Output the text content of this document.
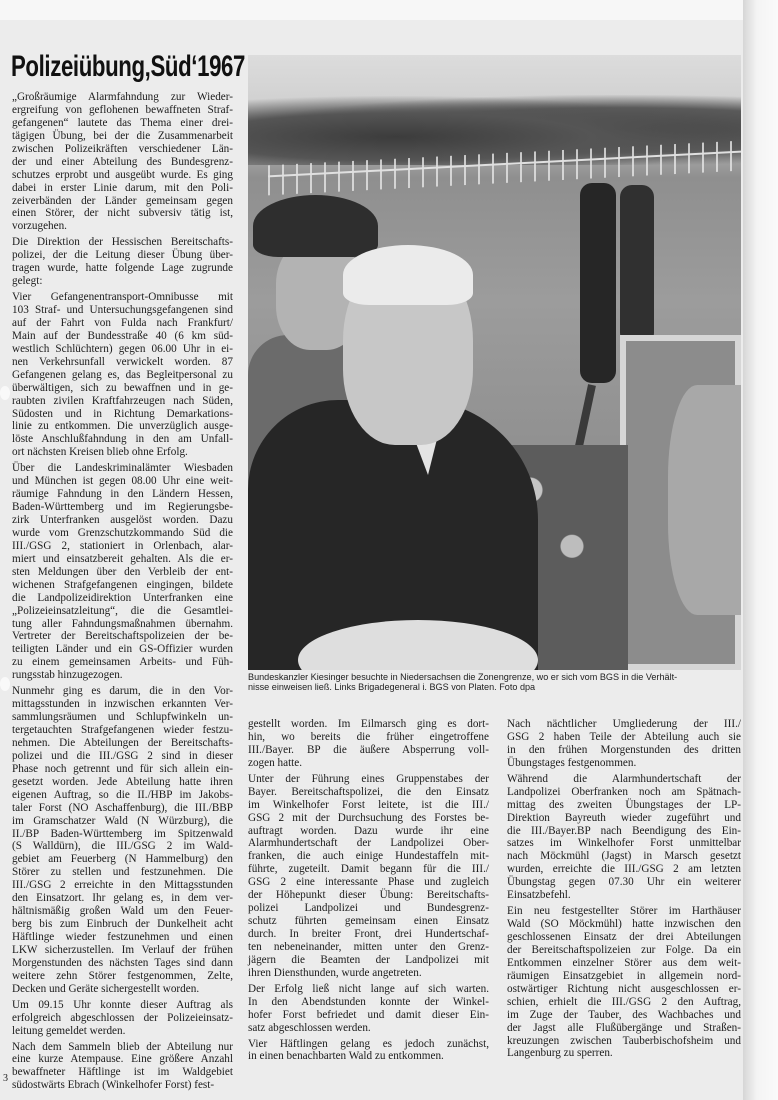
Polizeiübung‚Süd‘1967
„Großräumige Alarmfahndung zur Wieder-
ergreifung von geflohenen bewaffneten Straf-
gefangenen“ lautete das Thema einer drei-
tägigen Übung, bei der die Zusammenarbeit
zwischen Polizeikräften verschiedener Län-
der und einer Abteilung des Bundesgrenz-
schutzes erprobt und ausgeübt wurde. Es ging
dabei in erster Linie darum, mit den Poli-
zeiverbänden der Länder gemeinsam gegen
einen Störer, der nicht subversiv tätig ist,
vorzugehen.
Die Direktion der Hessischen Bereitschafts-
polizei, der die Leitung dieser Übung über-
tragen wurde, hatte folgende Lage zugrunde
gelegt:
Vier Gefangenentransport-Omnibusse mit
103 Straf- und Untersuchungsgefangenen sind
auf der Fahrt von Fulda nach Frankfurt/
Main auf der Bundesstraße 40 (6 km süd-
westlich Schlüchtern) gegen 06.00 Uhr in ei-
nen Verkehrsunfall verwickelt worden. 87
Gefangenen gelang es, das Begleitpersonal zu
überwältigen, sich zu bewaffnen und in ge-
raubten zivilen Kraftfahrzeugen nach Süden,
Südosten und in Richtung Demarkations-
linie zu entkommen. Die unverzüglich ausge-
löste Anschlußfahndung in den am Unfall-
ort nächsten Kreisen blieb ohne Erfolg.
Über die Landeskriminalämter Wiesbaden
und München ist gegen 08.00 Uhr eine weit-
räumige Fahndung in den Ländern Hessen,
Baden-Württemberg und im Regierungsbe-
zirk Unterfranken ausgelöst worden. Dazu
wurde vom Grenzschutzkommando Süd die
III./GSG 2, stationiert in Orlenbach, alar-
miert und einsatzbereit gehalten. Als die er-
sten Meldungen über den Verbleib der ent-
wichenen Strafgefangenen eingingen, bildete
die Landpolizeidirektion Unterfranken eine
„Polizeieinsatzleitung“, die die Gesamtlei-
tung aller Fahndungsmaßnahmen übernahm.
Vertreter der Bereitschaftspolizeien der be-
teiligten Länder und ein GS-Offizier wurden
zu einem gemeinsamen Arbeits- und Füh-
rungsstab hinzugezogen.
Nunmehr ging es darum, die in den Vor-
mittagsstunden in inzwischen erkannten Ver-
sammlungsräumen und Schlupfwinkeln un-
tergetauchten Strafgefangenen wieder festzu-
nehmen. Die Abteilungen der Bereitschafts-
polizei und die III./GSG 2 sind in dieser
Phase noch getrennt und für sich allein ein-
gesetzt worden. Jede Abteilung hatte ihren
eigenen Auftrag, so die II./HBP im Jakobs-
taler Forst (NO Aschaffenburg), die III./BBP
im Gramschatzer Wald (N Würzburg), die
II./BP Baden-Württemberg im Spitzenwald
(S Walldürn), die III./GSG 2 im Wald-
gebiet am Feuerberg (N Hammelburg) den
Störer zu stellen und festzunehmen. Die
III./GSG 2 erreichte in den Mittagsstunden
den Einsatzort. Ihr gelang es, in dem ver-
hältnismäßig großen Wald um den Feuer-
berg bis zum Einbruch der Dunkelheit acht
Häftlinge wieder festzunehmen und einen
LKW sicherzustellen. Im Verlauf der frühen
Morgenstunden des nächsten Tages sind dann
weitere zehn Störer festgenommen, Zelte,
Decken und Geräte sichergestellt worden.
Um 09.15 Uhr konnte dieser Auftrag als
erfolgreich abgeschlossen der Polizeieinsatz-
leitung gemeldet werden.
Nach dem Sammeln blieb der Abteilung nur
eine kurze Atempause. Eine größere Anzahl
bewaffneter Häftlinge ist im Waldgebiet
südostwärts Ebrach (Winkelhofer Forst) fest-
gestellt worden. Im Eilmarsch ging es dort-
hin, wo bereits die früher eingetroffene
III./Bayer. BP die äußere Absperrung voll-
zogen hatte.
Unter der Führung eines Gruppenstabes der
Bayer. Bereitschaftspolizei, die den Einsatz
im Winkelhofer Forst leitete, ist die III./
GSG 2 mit der Durchsuchung des Forstes be-
auftragt worden. Dazu wurde ihr eine
Alarmhundertschaft der Landpolizei Ober-
franken, die auch einige Hundestaffeln mit-
führte, zugeteilt. Damit begann für die III./
GSG 2 eine interessante Phase und zugleich
der Höhepunkt dieser Übung: Bereitschafts-
polizei Landpolizei und Bundesgrenz-
schutz führten gemeinsam einen Einsatz
durch. In breiter Front, drei Hundertschaf-
ten nebeneinander, mitten unter den Grenz-
jägern die Beamten der Landpolizei mit
ihren Diensthunden, wurde angetreten.
Der Erfolg ließ nicht lange auf sich warten.
In den Abendstunden konnte der Winkel-
hofer Forst befriedet und damit dieser Ein-
satz abgeschlossen werden.
Vier Häftlingen gelang es jedoch zunächst,
in einen benachbarten Wald zu entkommen.
Nach nächtlicher Umgliederung der III./
GSG 2 haben Teile der Abteilung auch sie
in den frühen Morgenstunden des dritten
Übungstages festgenommen.
Während die Alarmhundertschaft der
Landpolizei Oberfranken noch am Spätnach-
mittag des zweiten Übungstages der LP-
Direktion Bayreuth wieder zugeführt und
die III./Bayer.BP nach Beendigung des Ein-
satzes im Winkelhofer Forst unmittelbar
nach Möckmühl (Jagst) in Marsch gesetzt
wurden, erreichte die III./GSG 2 am letzten
Übungstag gegen 07.30 Uhr ein weiterer
Einsatzbefehl.
Ein neu festgestellter Störer im Harthäuser
Wald (SO Möckmühl) hatte inzwischen den
geschlossenen Einsatz der drei Abteilungen
der Bereitschaftspolizeien zur Folge. Da ein
Entkommen einzelner Störer aus dem weit-
räumigen Einsatzgebiet in allgemein nord-
ostwärtiger Richtung nicht ausgeschlossen er-
schien, erhielt die III./GSG 2 den Auftrag,
im Zuge der Tauber, des Wachbaches und
der Jagst alle Flußübergänge und Straßen-
kreuzungen zwischen Tauberbischofsheim und
Langenburg zu sperren.
Bundeskanzler Kiesinger besuchte in Niedersachsen die Zonengrenze, wo er sich vom BGS in die Verhält-
nisse einweisen ließ. Links Brigadegeneral i. BGS von Platen. Foto dpa
3
